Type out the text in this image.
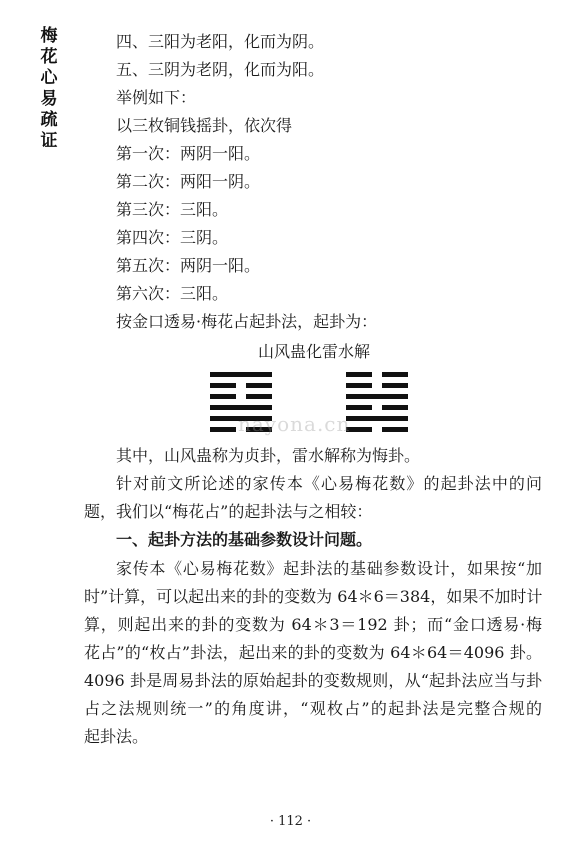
梅
花
心
易
疏
证
四、三阳为老阳，化而为阴。
五、三阴为老阴，化而为阳。
举例如下：
以三枚铜钱摇卦，依次得
第一次：两阴一阳。
第二次：两阳一阴。
第三次：三阳。
第四次：三阴。
第五次：两阴一阳。
第六次：三阳。
按金口透易·梅花占起卦法，起卦为：
山风蛊化雷水解
nayona.cn
其中，山风蛊称为贞卦，雷水解称为悔卦。
针对前文所论述的家传本《心易梅花数》的起卦法中的问
题，我们以“梅花占”的起卦法与之相较：
一、起卦方法的基础参数设计问题。
家传本《心易梅花数》起卦法的基础参数设计，如果按“加
时”计算，可以起出来的卦的变数为 64＊6＝384，如果不加时计
算，则起出来的卦的变数为 64＊3＝192 卦；而“金口透易·梅
花占”的“枚占”卦法，起出来的卦的变数为 64＊64＝4096 卦。
4096 卦是周易卦法的原始起卦的变数规则，从“起卦法应当与卦
占之法规则统一”的角度讲，“观枚占”的起卦法是完整合规的
起卦法。
· 112 ·
